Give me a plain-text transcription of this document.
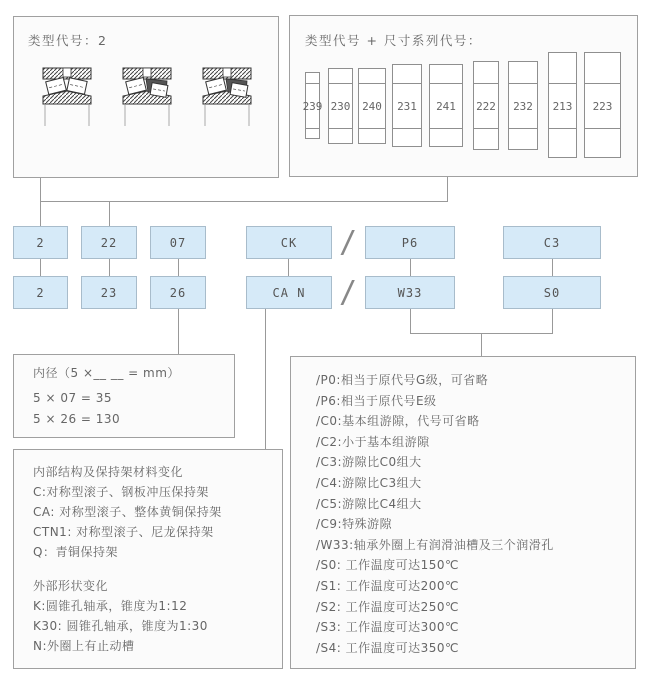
类型代号：2	类型代号 + 尺寸系列代号：
239 230 240 231 241 222 232 213 223
2	22	07	CK	P6	C3
2	23	26	CA N	W33	S0
/
/
内径（5 ×__ __ = mm）
5 × 07 = 35
5 × 26 = 130
内部结构及保持架材料变化
C:对称型滚子、钢板冲压保持架
CA: 对称型滚子、整体黄铜保持架
CTN1: 对称型滚子、尼龙保持架
Q：青铜保持架
外部形状变化
K:圆锥孔轴承，锥度为1:12
K30: 圆锥孔轴承，锥度为1:30
N:外圈上有止动槽
/P0:相当于原代号G级，可省略
/P6:相当于原代号E级
/C0:基本组游隙，代号可省略
/C2:小于基本组游隙
/C3:游隙比C0组大
/C4:游隙比C3组大
/C5:游隙比C4组大
/C9:特殊游隙
/W33:轴承外圈上有润滑油槽及三个润滑孔
/S0: 工作温度可达150℃
/S1: 工作温度可达200℃
/S2: 工作温度可达250℃
/S3: 工作温度可达300℃
/S4: 工作温度可达350℃
